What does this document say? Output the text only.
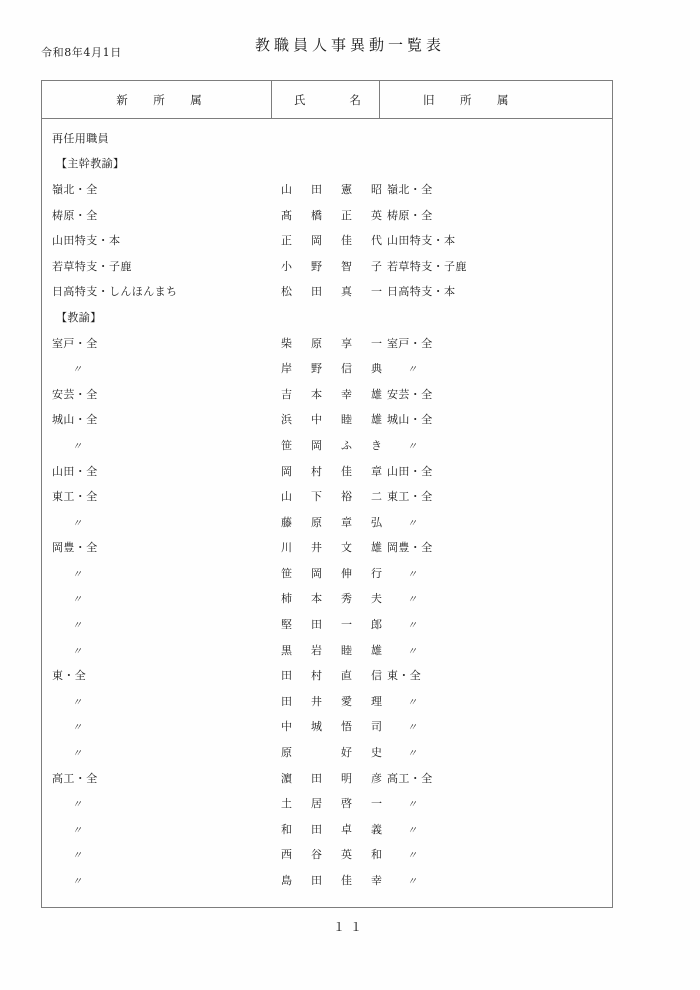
令和8年4月1日	教職員人事異動一覧表
新　所　属	氏　　名	旧　所　属
再任用職員
【主幹教諭】
嶺北・全	山　田　憲　昭 嶺北・全
梼原・全	髙　橋　正　英 梼原・全
山田特支・本	正　岡　佳　代 山田特支・本
若草特支・子鹿	小　野　智　子 若草特支・子鹿
日高特支・しんほんまち	松　田　真　一 日高特支・本
【教諭】
室戸・全	柴　原　享　一 室戸・全
〃	岸　野　信　典 〃
安芸・全	吉　本　幸　雄 安芸・全
城山・全	浜　中　睦　雄 城山・全
〃	笹　岡　ふ　き 〃
山田・全	岡　村　佳　章 山田・全
東工・全	山　下　裕　二 東工・全
〃	藤　原　章　弘 〃
岡豊・全	川　井　文　雄 岡豊・全
〃	笹　岡　伸　行 〃
〃	柿　本　秀　夫 〃
〃	堅　田　一　郎 〃
〃	黒　岩　睦　雄 〃
東・全	田　村　直　信 東・全
〃	田　井　愛　理 〃
〃	中　城　悟　司 〃
〃	原　　　好　史 〃
高工・全	濵　田　明　彦 高工・全
〃	土　居　啓　一 〃
〃	和　田　卓　義 〃
〃	西　谷　英　和 〃
〃	島　田　佳　幸 〃
１１
